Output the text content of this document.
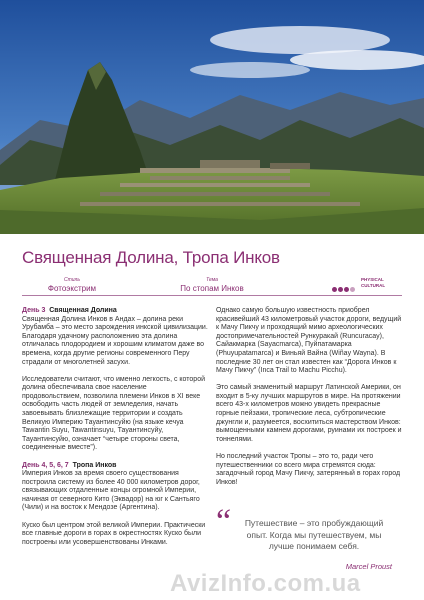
Священная Долина, Тропа Инков
Стиль
Фотоэкстрим
Тема
По стопам Инков
PHYSICAL
CULTURAL

День 3 Священная Долина
Священная Долина Инков в Андах – долина реки Урубамба – это место зарождения инкской цивилизации. Благодаря удачному расположению эта долина отличалась плодородием и хорошим климатом даже во времена, когда другие регионы современного Перу страдали от многолетней засухи.

Исследователи считают, что именно легкость, с которой долина обеспечивала свое население продовольствием, позволила племени Инков в XI веке освободить часть людей от земледелия, начать завоевывать близлежащие территории и создать Великую Империю Тауантинсуйю (на языке кечуа Tawantin Suyu, Tawantinsuyu, Тауантинсуйу, Тауантинсуйю, означает “четыре стороны света, соединенные вместе”).

День 4, 5, 6, 7 Тропа Инков
Империя Инков за время своего существования построила систему из более 40 000 километров дорог, связывающих отдаленные концы огромной Империи, начиная от северного Кито (Эквадор) на юг к Сантьяго (Чили) и на восток к Мендозе (Аргентина).

Куско был центром этой великой Империи. Практически все главные дороги в горах в окрестностях Куско были построены или усовершенствованы Инками.

Однако самую большую известность приобрел красивейший 43 километровый участок дороги, ведущий к Мачу Пикчу и проходящий мимо археологических достопримечательностей Рункуракай (Runcuracay), Сайакмарка (Sayacmarca), Пуйпатамарка (Phuyupatamarca) и Виньяй Вайна (Wiñay Wayna). В последние 30 лет он стал известен как “Дорога Инков к Мачу Пикчу” (Inca Trail to Machu Picchu).

Это самый знаменитый маршрут Латинской Америки, он входит в 5-ку лучших маршрутов в мире. На протяжении всего 43-х километров можно увидеть прекрасные горные пейзажи, тропические леса, субтропические джунгли и, разумеется, восхититься мастерством Инков: вымощенными камнем дорогами, руинами их построек и тоннелями.

Но последний участок Тропы – это то, ради чего путешественники со всего мира стремятся сюда: загадочный город Мачу Пикчу, затерянный в горах город Инков!

“	Путешествие – это пробуждающий опыт. Когда мы путешествуем, мы лучше понимаем себя.
Marcel Proust
AvizInfo.com.ua
